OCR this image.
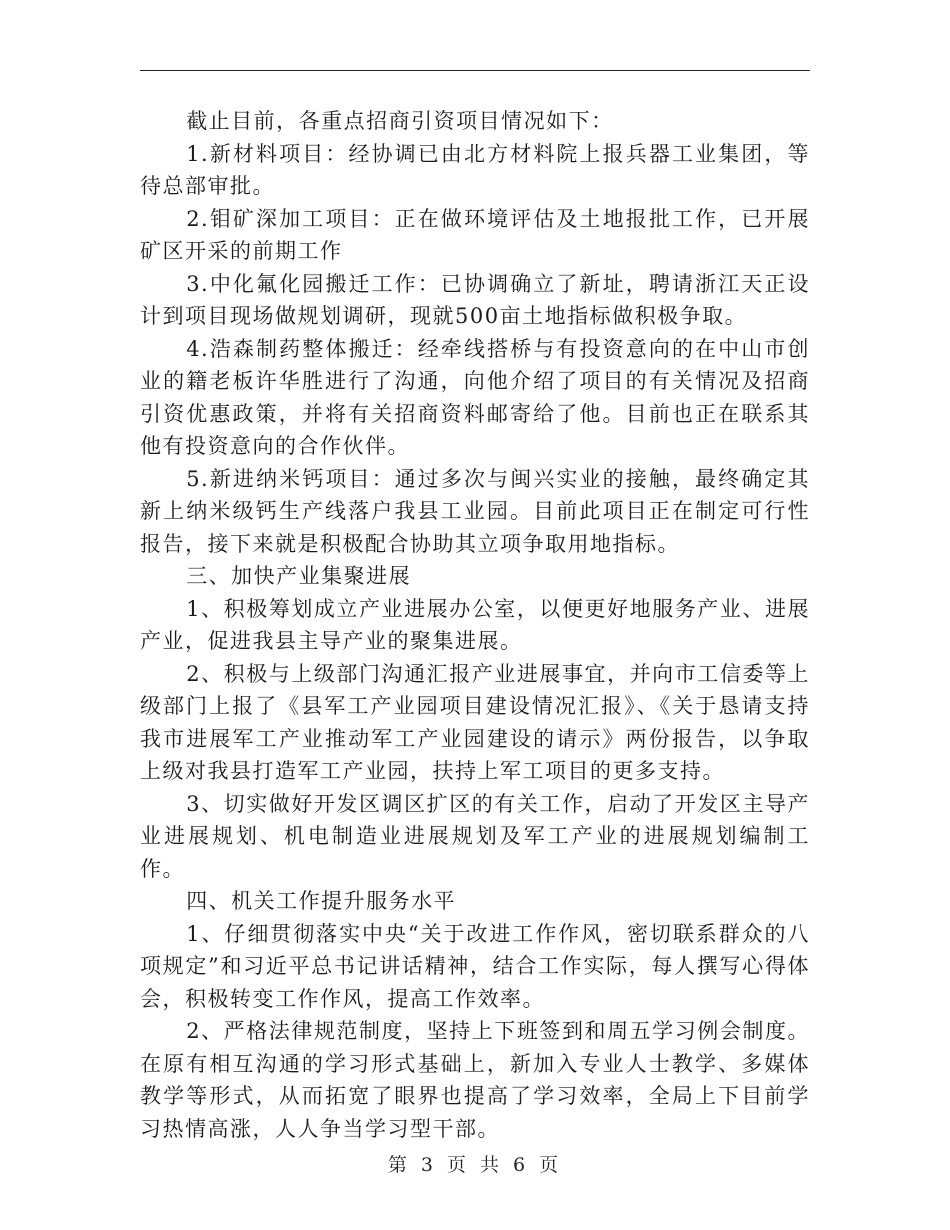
截止目前，各重点招商引资项目情况如下：

1.新材料项目：经协调已由北方材料院上报兵器工业集团，等待总部审批。

2.钼矿深加工项目：正在做环境评估及土地报批工作，已开展矿区开采的前期工作

3.中化氟化园搬迁工作：已协调确立了新址，聘请浙江天正设计到项目现场做规划调研，现就500亩土地指标做积极争取。

4.浩森制药整体搬迁：经牵线搭桥与有投资意向的在中山市创业的籍老板许华胜进行了沟通，向他介绍了项目的有关情况及招商引资优惠政策，并将有关招商资料邮寄给了他。目前也正在联系其他有投资意向的合作伙伴。

5.新进纳米钙项目：通过多次与闽兴实业的接触，最终确定其新上纳米级钙生产线落户我县工业园。目前此项目正在制定可行性报告，接下来就是积极配合协助其立项争取用地指标。

三、加快产业集聚进展

1、积极筹划成立产业进展办公室，以便更好地服务产业、进展产业，促进我县主导产业的聚集进展。

2、积极与上级部门沟通汇报产业进展事宜，并向市工信委等上级部门上报了《县军工产业园项目建设情况汇报》、《关于恳请支持我市进展军工产业推动军工产业园建设的请示》两份报告，以争取上级对我县打造军工产业园，扶持上军工项目的更多支持。

3、切实做好开发区调区扩区的有关工作，启动了开发区主导产业进展规划、机电制造业进展规划及军工产业的进展规划编制工作。

四、机关工作提升服务水平

1、仔细贯彻落实中央“关于改进工作作风，密切联系群众的八项规定”和习近平总书记讲话精神，结合工作实际，每人撰写心得体会，积极转变工作作风，提高工作效率。

2、严格法律规范制度，坚持上下班签到和周五学习例会制度。在原有相互沟通的学习形式基础上，新加入专业人士教学、多媒体教学等形式，从而拓宽了眼界也提高了学习效率，全局上下目前学习热情高涨，人人争当学习型干部。

第 3 页 共 6 页
